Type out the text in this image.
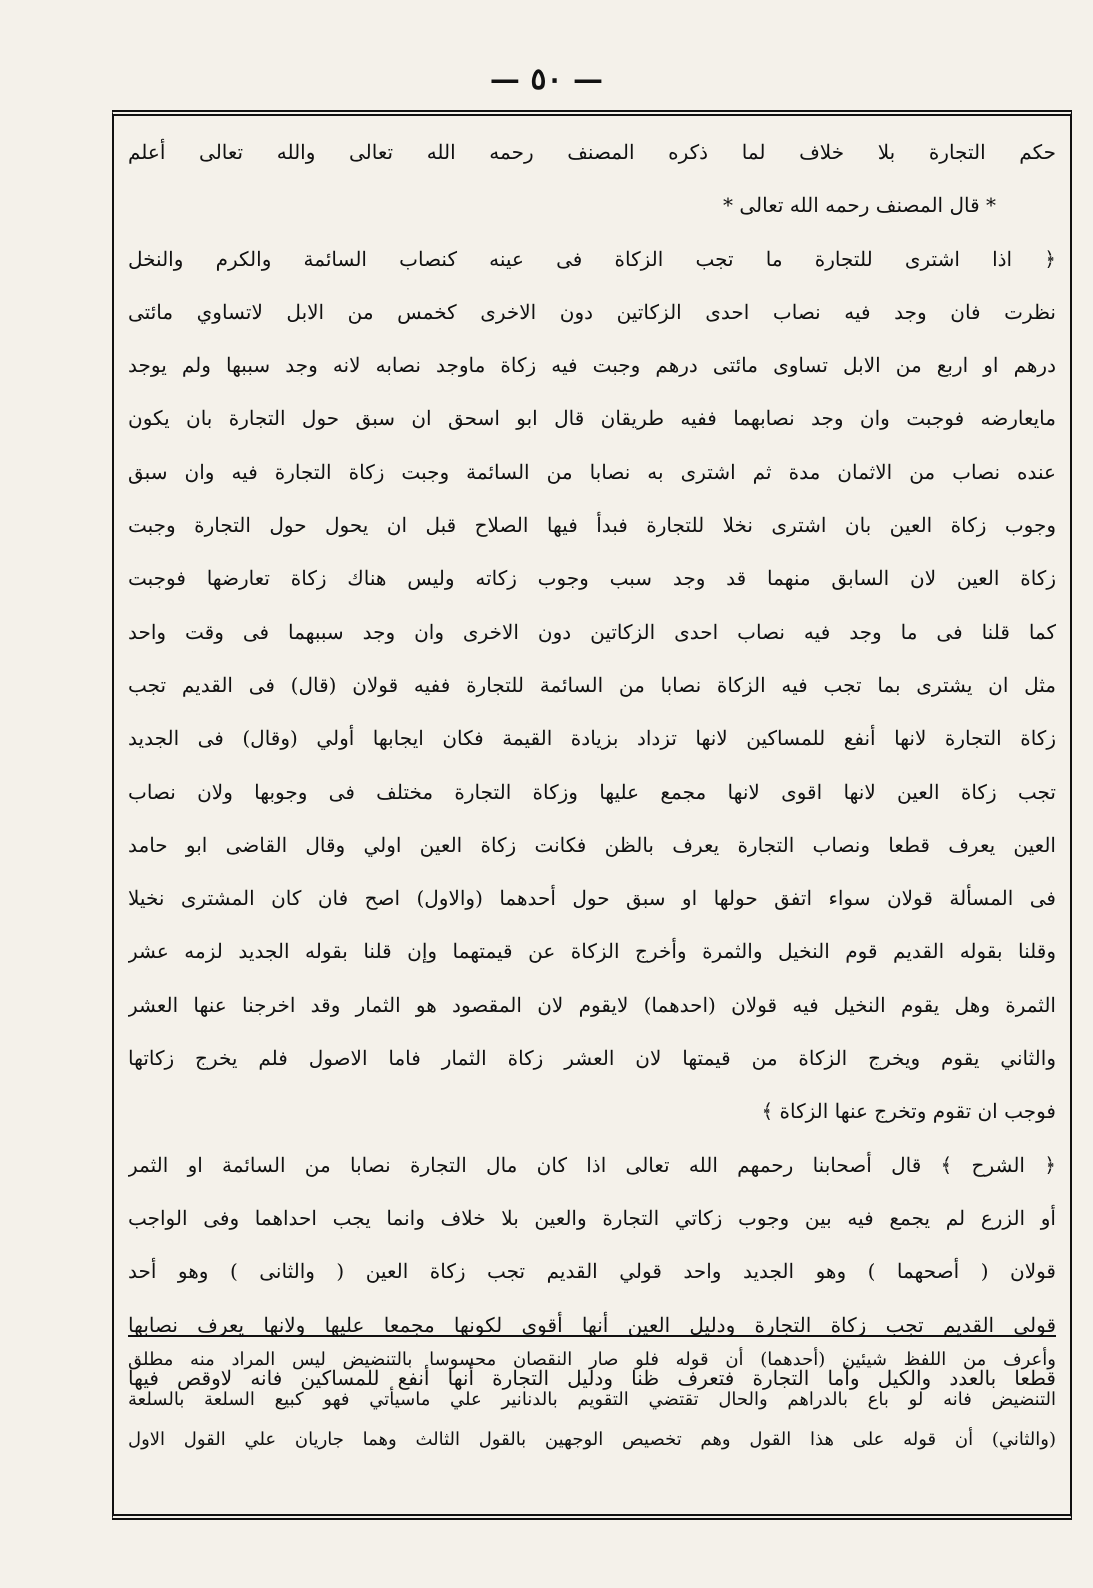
— ٥٠ —
حكم التجارة بلا خلاف لما ذكره المصنف رحمه الله تعالى والله تعالى أعلم
* قال المصنف رحمه الله تعالى *
﴿ اذا اشترى للتجارة ما تجب الزكاة فى عينه كنصاب السائمة والكرم والنخل
نظرت فان وجد فيه نصاب احدى الزكاتين دون الاخرى كخمس من الابل لاتساوي مائتى
درهم او اربع من الابل تساوى مائتى درهم وجبت فيه زكاة ماوجد نصابه لانه وجد سببها ولم يوجد
مايعارضه فوجبت وان وجد نصابهما ففيه طريقان قال ابو اسحق ان سبق حول التجارة بان يكون
عنده نصاب من الاثمان مدة ثم اشترى به نصابا من السائمة وجبت زكاة التجارة فيه وان سبق
وجوب زكاة العين بان اشترى نخلا للتجارة فبدأ فيها الصلاح قبل ان يحول حول التجارة وجبت
زكاة العين لان السابق منهما قد وجد سبب وجوب زكاته وليس هناك زكاة تعارضها فوجبت
كما قلنا فى ما وجد فيه نصاب احدى الزكاتين دون الاخرى وان وجد سببهما فى وقت واحد
مثل ان يشترى بما تجب فيه الزكاة نصابا من السائمة للتجارة ففيه قولان (قال) فى القديم تجب
زكاة التجارة لانها أنفع للمساكين لانها تزداد بزيادة القيمة فكان ايجابها أولي (وقال) فى الجديد
تجب زكاة العين لانها اقوى لانها مجمع عليها وزكاة التجارة مختلف فى وجوبها ولان نصاب
العين يعرف قطعا ونصاب التجارة يعرف بالظن فكانت زكاة العين اولي وقال القاضى ابو حامد
فى المسألة قولان سواء اتفق حولها او سبق حول أحدهما (والاول) اصح فان كان المشترى نخيلا
وقلنا بقوله القديم قوم النخيل والثمرة وأخرج الزكاة عن قيمتهما وإن قلنا بقوله الجديد لزمه عشر
الثمرة وهل يقوم النخيل فيه قولان (احدهما) لايقوم لان المقصود هو الثمار وقد اخرجنا عنها العشر
والثاني يقوم ويخرج الزكاة من قيمتها لان العشر زكاة الثمار فاما الاصول فلم يخرج زكاتها
فوجب ان تقوم وتخرج عنها الزكاة ﴾
﴿ الشرح ﴾ قال أصحابنا رحمهم الله تعالى اذا كان مال التجارة نصابا من السائمة او الثمر
أو الزرع لم يجمع فيه بين وجوب زكاتي التجارة والعين بلا خلاف وانما يجب احداهما وفى الواجب
قولان ( أصحهما ) وهو الجديد واحد قولي القديم تجب زكاة العين ( والثانى ) وهو أحد
قولي القديم تجب زكاة التجارة ودليل العين أنها أقوى لكونها مجمعا عليها ولانها يعرف نصابها
قطعا بالعدد والكيل وأما التجارة فتعرف ظنا ودليل التجارة أنها أنفع للمساكين فانه لاوقص فيها
وأعرف من اللفظ شيئين (أحدهما) أن قوله فلو صار النقصان محسوسا بالتنضيض ليس المراد منه مطلق
التنضيض فانه لو باع بالدراهم والحال تقتضي التقويم بالدنانير علي ماسيأتي فهو كبيع السلعة بالسلعة
(والثاني) أن قوله على هذا القول وهم تخصيص الوجهين بالقول الثالث وهما جاريان علي القول الاول
